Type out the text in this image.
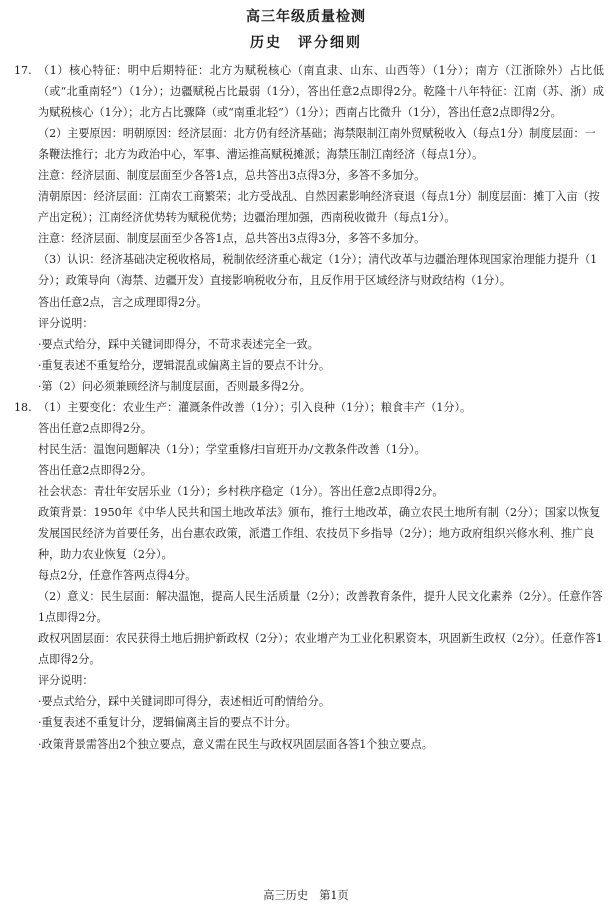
高三年级质量检测
历史　评分细则
17. （1）核心特征：明中后期特征：北方为赋税核心（南直隶、山东、山西等）（1分）；南方（江浙除外）占比低（或“北重南轻”）（1分）；边疆赋税占比最弱（1分），答出任意2点即得2分。乾隆十八年特征：江南（苏、浙）成为赋税核心（1分）；北方占比骤降（或“南重北轻”）（1分）；西南占比微升（1分），答出任意2点即得2分。
（2）主要原因：明朝原因：经济层面：北方仍有经济基础；海禁限制江南外贸赋税收入（每点1分）制度层面：一条鞭法推行；北方为政治中心，军事、漕运推高赋税摊派；海禁压制江南经济（每点1分）。
注意：经济层面、制度层面至少各答1点，总共答出3点得3分，多答不多加分。
清朝原因：经济层面：江南农工商繁荣；北方受战乱、自然因素影响经济衰退（每点1分）制度层面：摊丁入亩（按产出定税）；江南经济优势转为赋税优势；边疆治理加强，西南税收微升（每点1分）。
注意：经济层面、制度层面至少各答1点，总共答出3点得3分，多答不多加分。
（3）认识：经济基础决定税收格局，税制依经济重心裁定（1分）；清代改革与边疆治理体现国家治理能力提升（1分）；政策导向（海禁、边疆开发）直接影响税收分布，且反作用于区域经济与财政结构（1分）。
答出任意2点，言之成理即得2分。
评分说明：
·要点式给分，踩中关键词即得分，不苛求表述完全一致。
·重复表述不重复给分，逻辑混乱或偏离主旨的要点不计分。
·第（2）问必须兼顾经济与制度层面，否则最多得2分。
18. （1）主要变化：农业生产：灌溉条件改善（1分）；引入良种（1分）；粮食丰产（1分）。
答出任意2点即得2分。
村民生活：温饱问题解决（1分）；学堂重修/扫盲班开办/文教条件改善（1分）。
答出任意2点即得2分。
社会状态：青壮年安居乐业（1分）；乡村秩序稳定（1分）。答出任意2点即得2分。
政策背景：1950年《中华人民共和国土地改革法》颁布，推行土地改革，确立农民土地所有制（2分）；国家以恢复发展国民经济为首要任务，出台惠农政策，派遣工作组、农技员下乡指导（2分）；地方政府组织兴修水利、推广良种，助力农业恢复（2分）。
每点2分，任意作答两点得4分。
（2）意义：民生层面：解决温饱，提高人民生活质量（2分）；改善教育条件，提升人民文化素养（2分）。任意作答1点即得2分。
政权巩固层面：农民获得土地后拥护新政权（2分）；农业增产为工业化积累资本，巩固新生政权（2分）。任意作答1点即得2分。
评分说明：
·要点式给分，踩中关键词即可得分，表述相近可酌情给分。
·重复表述不重复计分，逻辑偏离主旨的要点不计分。
·政策背景需答出2个独立要点，意义需在民生与政权巩固层面各答1个独立要点。
高三历史　第1页
